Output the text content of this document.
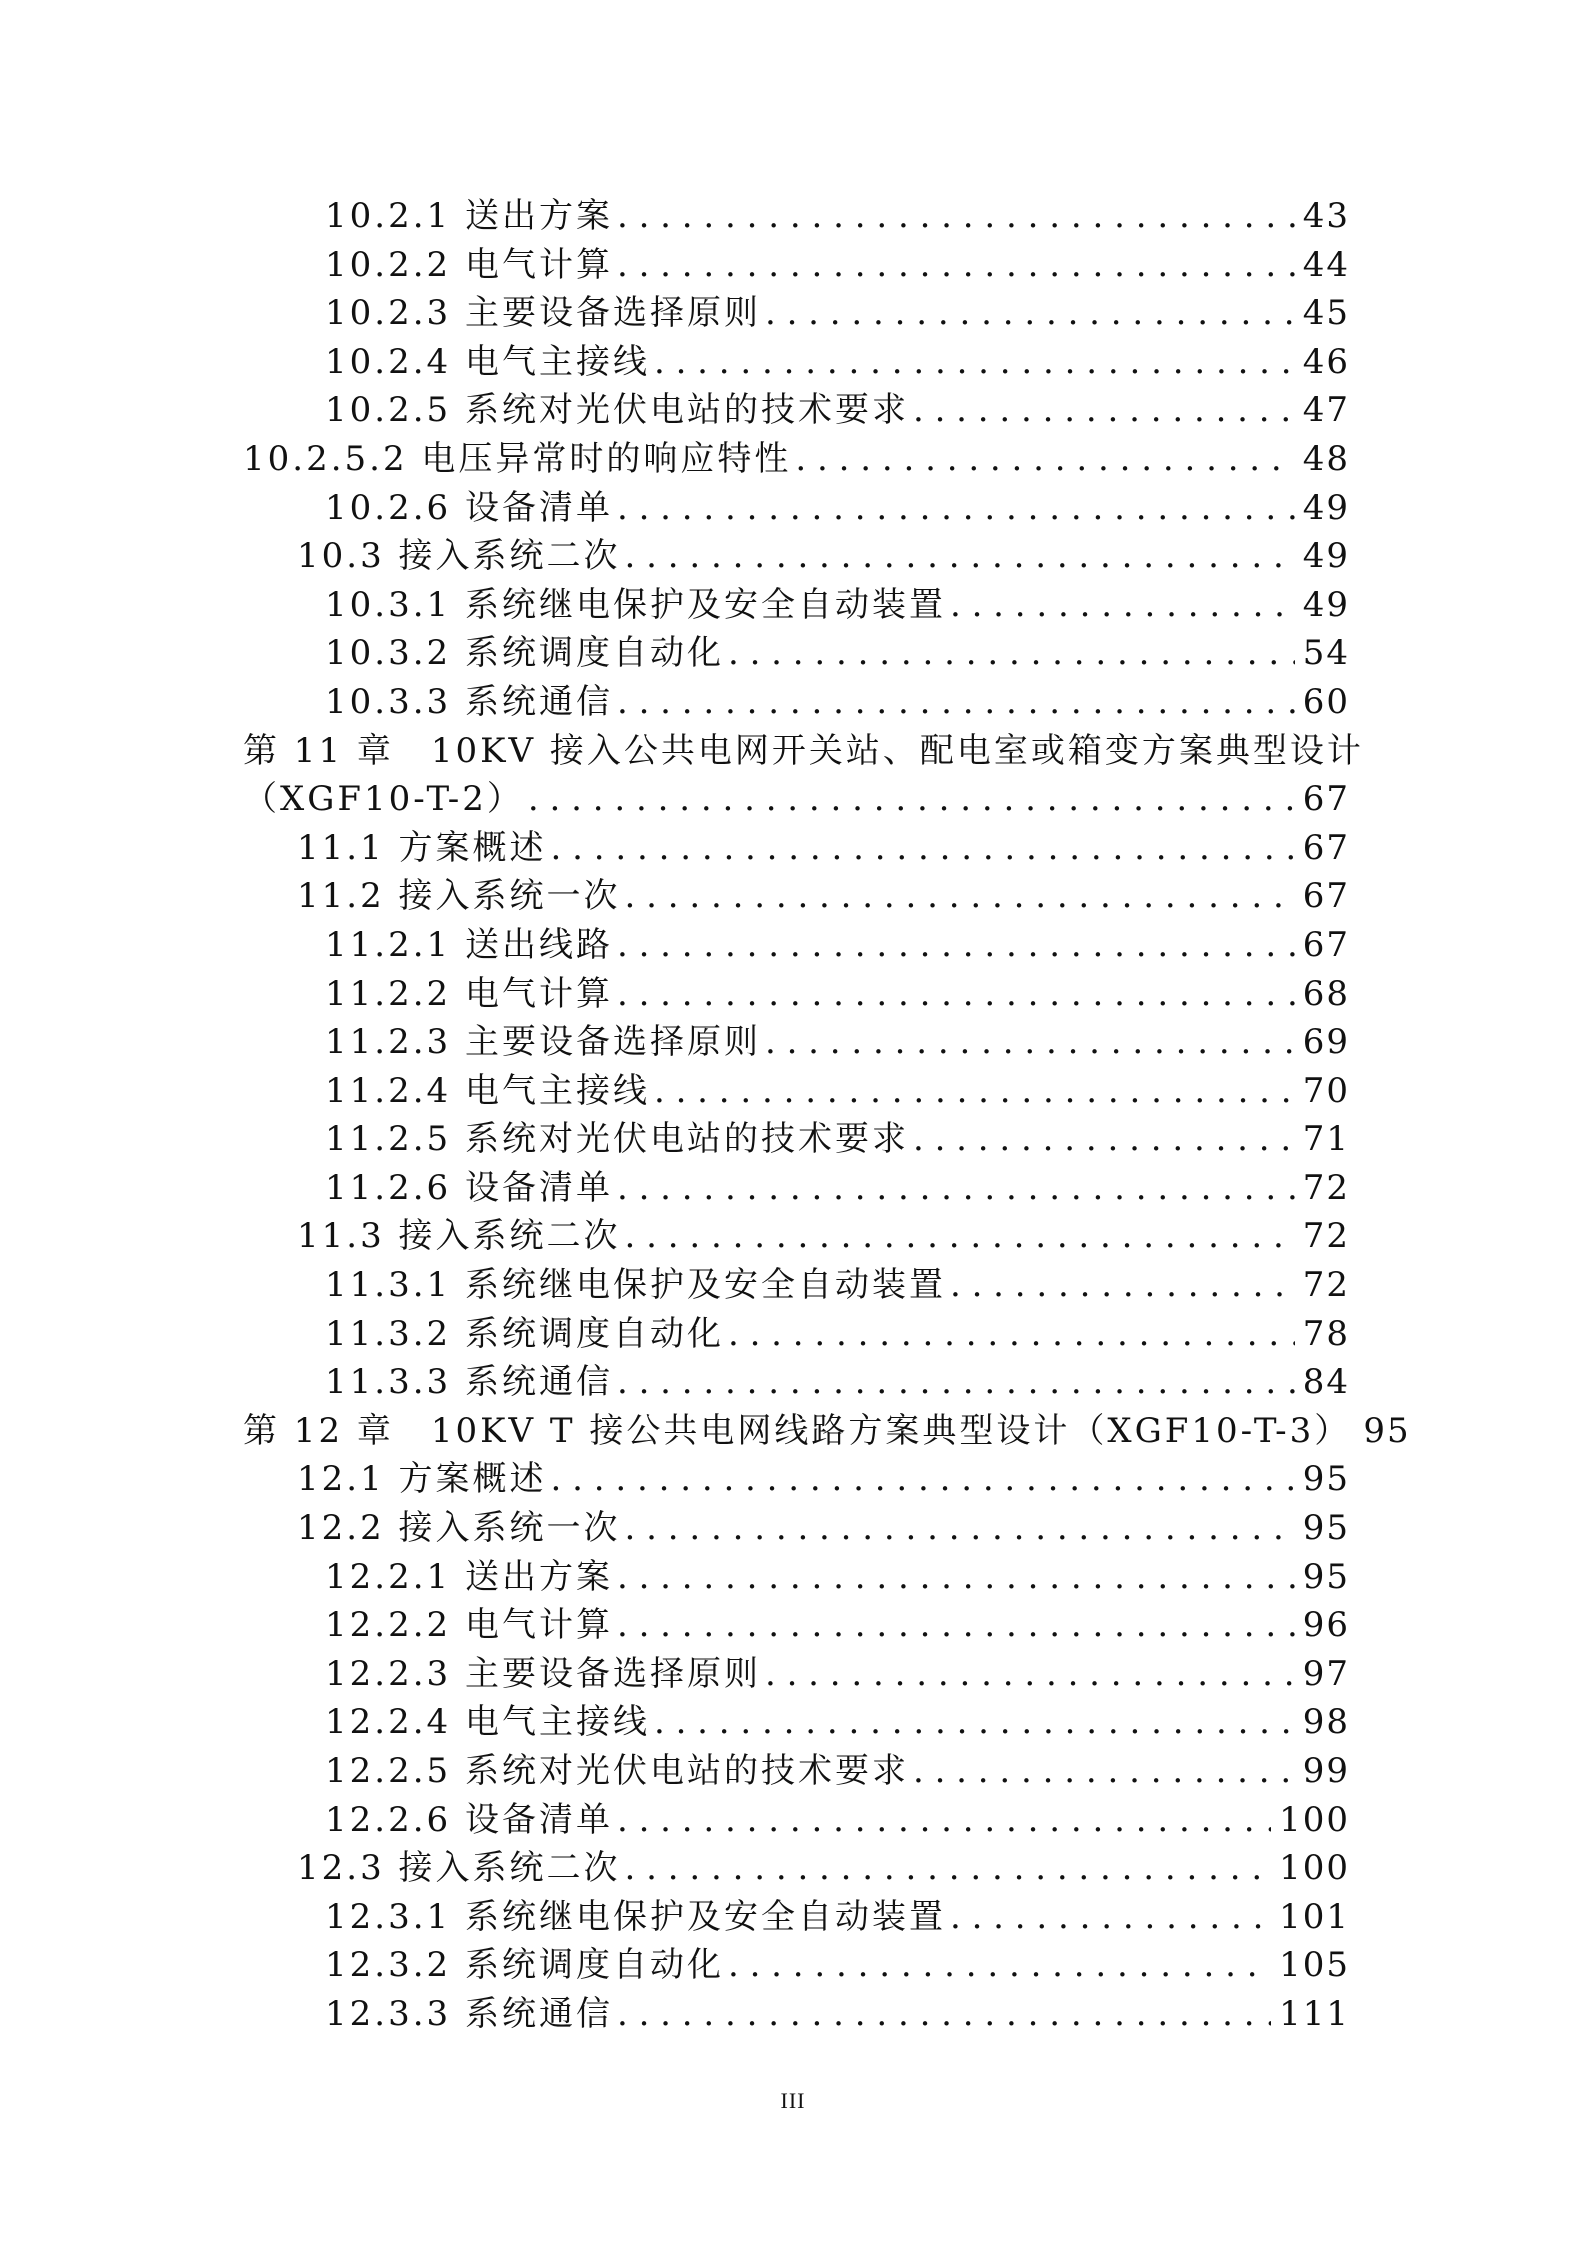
10.2.1 送出方案 . . .	43
10.2.2 电气计算 . . .	44
10.2.3 主要设备选择原则 . . .	45
10.2.4 电气主接线 . . .	46
10.2.5 系统对光伏电站的技术要求 . . .	47
10.2.5.2 电压异常时的响应特性 . . .	48
10.2.6 设备清单 . . .	49
10.3 接入系统二次 . . .	49
10.3.1 系统继电保护及安全自动装置 . . .	49
10.3.2 系统调度自动化 . . .	54
10.3.3 系统通信 . . .	60
第 11 章　10KV 接入公共电网开关站、配电室或箱变方案典型设计
（XGF10-T-2） . . .	67
11.1 方案概述 . . .	67
11.2 接入系统一次 . . .	67
11.2.1 送出线路 . . .	67
11.2.2 电气计算 . . .	68
11.2.3 主要设备选择原则 . . .	69
11.2.4 电气主接线 . . .	70
11.2.5 系统对光伏电站的技术要求 . . .	71
11.2.6 设备清单 . . .	72
11.3 接入系统二次 . . .	72
11.3.1 系统继电保护及安全自动装置 . . .	72
11.3.2 系统调度自动化 . . .	78
11.3.3 系统通信 . . .	84
第 12 章　10KV T 接公共电网线路方案典型设计（XGF10-T-3） 95
12.1 方案概述 . . .	95
12.2 接入系统一次 . . .	95
12.2.1 送出方案 . . .	95
12.2.2 电气计算 . . .	96
12.2.3 主要设备选择原则 . . .	97
12.2.4 电气主接线 . . .	98
12.2.5 系统对光伏电站的技术要求 . . .	99
12.2.6 设备清单 . . .	100
12.3 接入系统二次 . . .	100
12.3.1 系统继电保护及安全自动装置 . . .	101
12.3.2 系统调度自动化 . . .	105
12.3.3 系统通信 . . .	111
III
